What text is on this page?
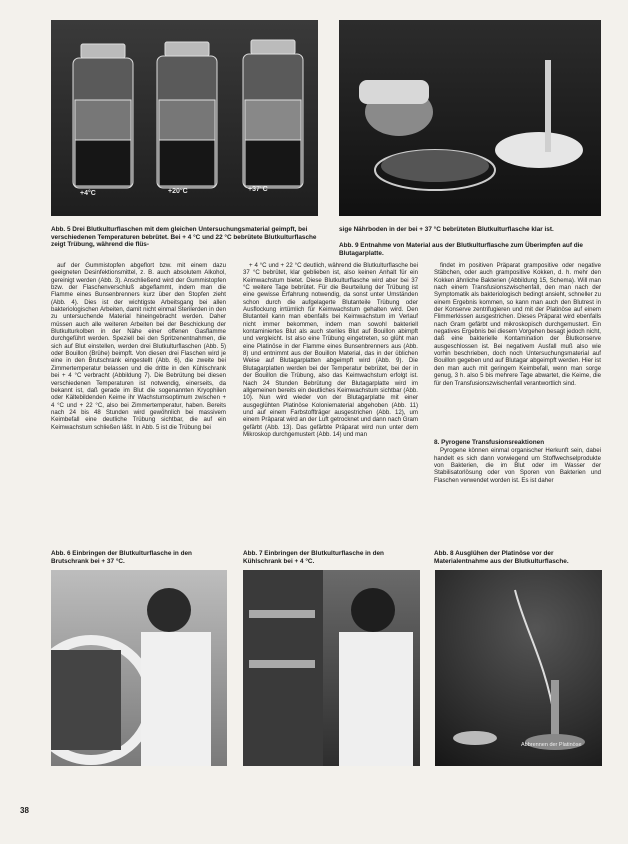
+4°C	+20°C	+37°C
Abb. 5 Drei Blutkulturflaschen mit dem gleichen Untersuchungsmaterial geimpft, bei verschiedenen Temperaturen bebrütet. Bei + 4 °C und 22 °C bebrütete Blutkulturflasche zeigt Trübung, während die flüs-
sige Nährboden in der bei + 37 °C bebrüteten Blutkulturflasche klar ist.
Abb. 9 Entnahme von Material aus der Blutkulturflasche zum Überimpfen auf die Blutagarplatte.

auf der Gummistopfen abgeflort bzw. mit einem dazu geeigneten Desinfektionsmittel, z. B. auch absolutem Alkohol, gereinigt werden (Abb. 3). Anschließend wird der Gummistopfen bzw. der Flaschenverschluß abgeflammt, indem man die Flamme eines Bunsenbrenners kurz über den Stopfen zieht (Abb. 4). Dies ist der wichtigste Arbeitsgang bei allen bakteriologischen Arbeiten, damit nicht einmal Sterilerden in den zu untersuchende Material hineingebracht werden. Daher müssen auch alle weiteren Arbeiten bei der Beschickung der Blutkulturkolben in der Nähe einer offenen Gasflamme durchgeführt werden. Speziell bei den Spritzenentnahmen, die sich auf Blut einstellen, werden drei Blutkulturflaschen (Abb. 5) oder Bouillon (Brühe) beimpft. Von diesen drei Flaschen wird je eine in den Brutschrank eingestellt (Abb. 6), die zweite bei Zimmertemperatur belassen und die dritte in den Kühlschrank bei + 4 °C verbracht (Abbildung 7). Die Bebrütung bei diesen verschiedenen Temperaturen ist notwendig, einerseits, da bekannt ist, daß gerade im Blut die sogenannten Kryophilen oder Kältebildenden Keime ihr Wachstumsoptimum zwischen + 4 °C und + 22 °C, also bei Zimmertemperatur, haben. Bereits nach 24 bis 48 Stunden wird gewöhnlich bei massivem Keimbefall eine deutliche Trübung sichtbar, die auf ein Keimwachstum schließen läßt. In Abb. 5 ist die Trübung bei

+ 4 °C und + 22 °C deutlich, während die Blutkulturflasche bei 37 °C bebrütet, klar geblieben ist, also keinen Anhalt für ein Keimwachstum bietet. Diese Blutkulturflasche wird aber bei 37 °C weitere Tage bebrütet. Für die Beurteilung der Trübung ist eine gewisse Erfahrung notwendig, da sonst unter Umständen schon durch die aufgelagerte Blutanteile Trübung oder Ausflockung irrtümlich für Keimwachstum gehalten wird. Den Blutanteil kann man ebenfalls bei Keimwachstum im Verlauf nicht immer bekommen, indem man sowohl bakteriell kontaminiertes Blut als auch steriles Blut auf Bouillon abimpft und vergleicht. Ist also eine Trübung eingetreten, so glüht man eine Platinöse in der Flamme eines Bunsenbrenners aus (Abb. 8) und entnimmt aus der Bouillon Material, das in der üblichen Weise auf Blutagarplatten abgeimpft wird (Abb. 9). Die Blutagarplatten werden bei der Temperatur bebrütet, bei der in der Bouillon die Trübung, also das Keimwachstum erfolgt ist. Nach 24 Stunden Bebrütung der Blutagarplatte wird im allgemeinen bereits ein deutliches Keimwachstum sichtbar (Abb. 10). Nun wird wieder von der Blutagarplatte mit einer ausgeglühten Platinöse Koloniematerial abgehoben (Abb. 11) und auf einem Farbstoffträger ausgestrichen (Abb. 12), um einem Präparat wird an der Luft getrocknet und dann nach Gram gefärbt (Abb. 13). Das gefärbte Präparat wird nun unter dem Mikroskop durchgemustert (Abb. 14) und man

findet im positiven Präparat grampositive oder negative Stäbchen, oder auch grampositive Kokken, d. h. mehr den Kokken ähnliche Bakterien (Abbildung 15, Schema). Will man nach einem Transfusionszwischenfall, den man nach der Symptomatik als bakteriologisch bedingt ansieht, schneller zu einem Ergebnis kommen, so kann man auch den Blutrest in der Konserve zentrifugieren und mit der Platinöse auf einem Flimmerkissen ausgestrichen. Dieses Präparat wird ebenfalls nach Gram gefärbt und mikroskopisch durchgemustert. Ein negatives Ergebnis bei diesem Vorgehen besagt jedoch nicht, daß eine bakterielle Kontamination der Blutkonserve ausgeschlossen ist. Bei negativem Ausfall muß also wie vorhin beschrieben, doch noch Untersuchungsmaterial auf Bouillon gegeben und auf Blutagar abgeimpft werden. Hier ist den man auch mit geringem Keimbefall, wenn man sorge genug, 3 h. also 5 bis mehrere Tage abwartet, die Keime, die für den Transfusionszwischenfall verantwortlich sind.

8. Pyrogene Transfusionsreaktionen

Pyrogene können einmal organischer Herkunft sein, dabei handelt es sich dann vorwiegend um Stoffwechselprodukte von Bakterien, die im Blut oder im Wasser der Stabilisatorlösung oder von Sporen von Bakterien und Flaschen verwendet worden ist. Es ist daher

Abb. 6 Einbringen der Blutkulturflasche in den Brutschrank bei + 37 °C.
Abb. 7 Einbringen der Blutkulturflasche in den Kühlschrank bei + 4 °C.
Abb. 8 Ausglühen der Platinöse vor der Materialentnahme aus der Blutkulturflasche.
Abbrennen der Platinöse
38
